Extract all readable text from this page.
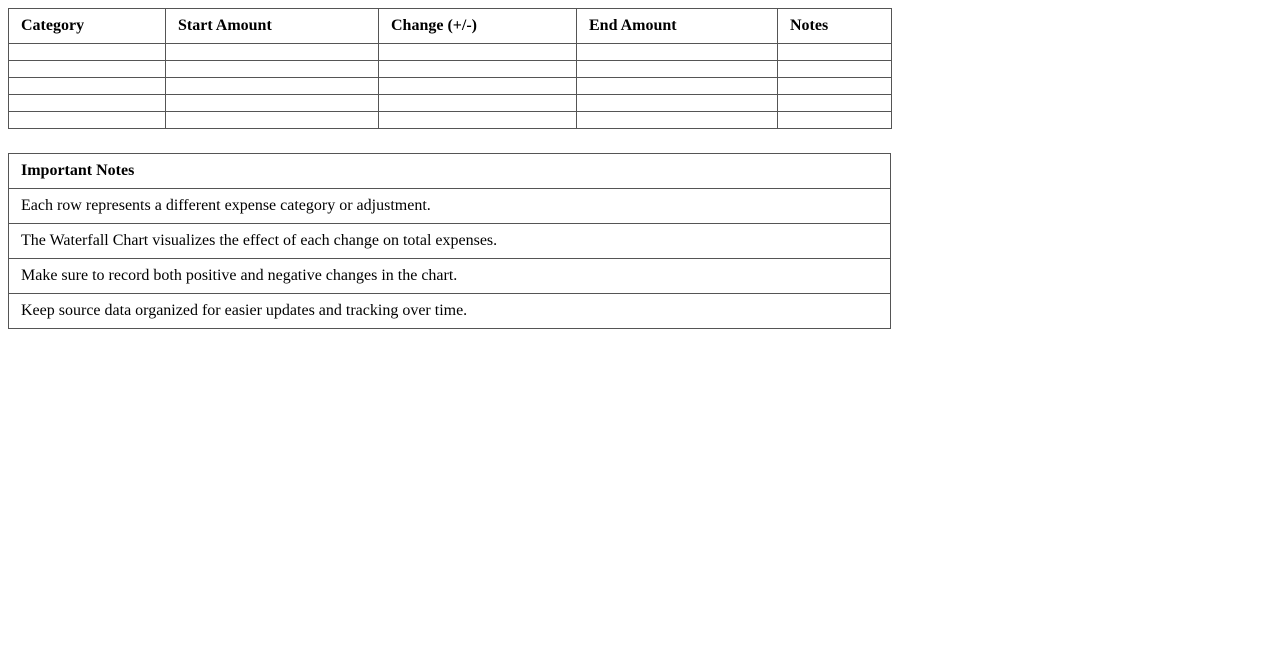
Category	Start Amount	Change (+/-)	End Amount	Notes

Important Notes
Each row represents a different expense category or adjustment.
The Waterfall Chart visualizes the effect of each change on total expenses.
Make sure to record both positive and negative changes in the chart.
Keep source data organized for easier updates and tracking over time.
